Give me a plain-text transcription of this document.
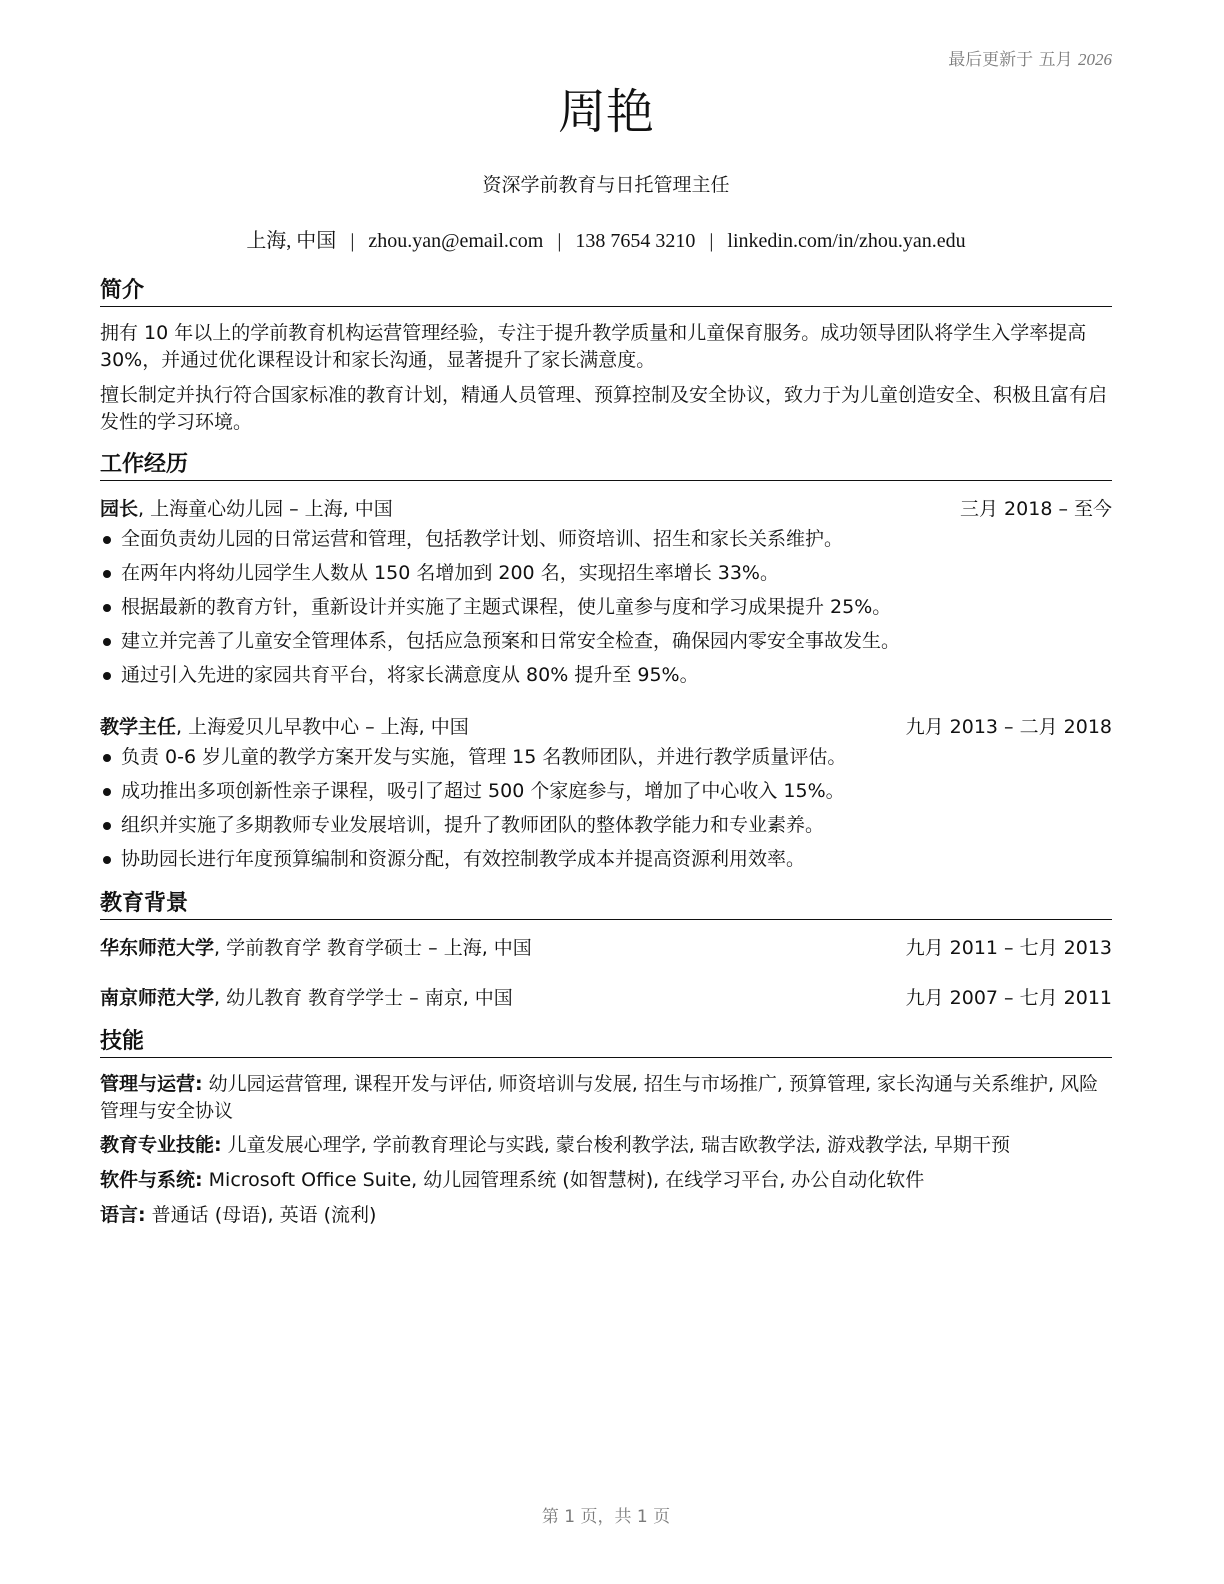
最后更新于 五月 2026
周艳
资深学前教育与日托管理主任
上海, 中国 | zhou.yan@email.com | 138 7654 3210 | linkedin.com/in/zhou.yan.edu
简介
拥有 10 年以上的学前教育机构运营管理经验，专注于提升教学质量和儿童保育服务。成功领导团队将学生入学率提高 30%，并通过优化课程设计和家长沟通，显著提升了家长满意度。
擅长制定并执行符合国家标准的教育计划，精通人员管理、预算控制及安全协议，致力于为儿童创造安全、积极且富有启发性的学习环境。
工作经历
园长, 上海童心幼儿园 – 上海, 中国	三月 2018 – 至今
全面负责幼儿园的日常运营和管理，包括教学计划、师资培训、招生和家长关系维护。
在两年内将幼儿园学生人数从 150 名增加到 200 名，实现招生率增长 33%。
根据最新的教育方针，重新设计并实施了主题式课程，使儿童参与度和学习成果提升 25%。
建立并完善了儿童安全管理体系，包括应急预案和日常安全检查，确保园内零安全事故发生。
通过引入先进的家园共育平台，将家长满意度从 80% 提升至 95%。
教学主任, 上海爱贝儿早教中心 – 上海, 中国	九月 2013 – 二月 2018
负责 0-6 岁儿童的教学方案开发与实施，管理 15 名教师团队，并进行教学质量评估。
成功推出多项创新性亲子课程，吸引了超过 500 个家庭参与，增加了中心收入 15%。
组织并实施了多期教师专业发展培训，提升了教师团队的整体教学能力和专业素养。
协助园长进行年度预算编制和资源分配，有效控制教学成本并提高资源利用效率。
教育背景
华东师范大学, 学前教育学 教育学硕士 – 上海, 中国	九月 2011 – 七月 2013
南京师范大学, 幼儿教育 教育学学士 – 南京, 中国	九月 2007 – 七月 2011
技能
管理与运营: 幼儿园运营管理, 课程开发与评估, 师资培训与发展, 招生与市场推广, 预算管理, 家长沟通与关系维护, 风险管理与安全协议
教育专业技能: 儿童发展心理学, 学前教育理论与实践, 蒙台梭利教学法, 瑞吉欧教学法, 游戏教学法, 早期干预
软件与系统: Microsoft Office Suite, 幼儿园管理系统 (如智慧树), 在线学习平台, 办公自动化软件
语言: 普通话 (母语), 英语 (流利)
第 1 页，共 1 页
